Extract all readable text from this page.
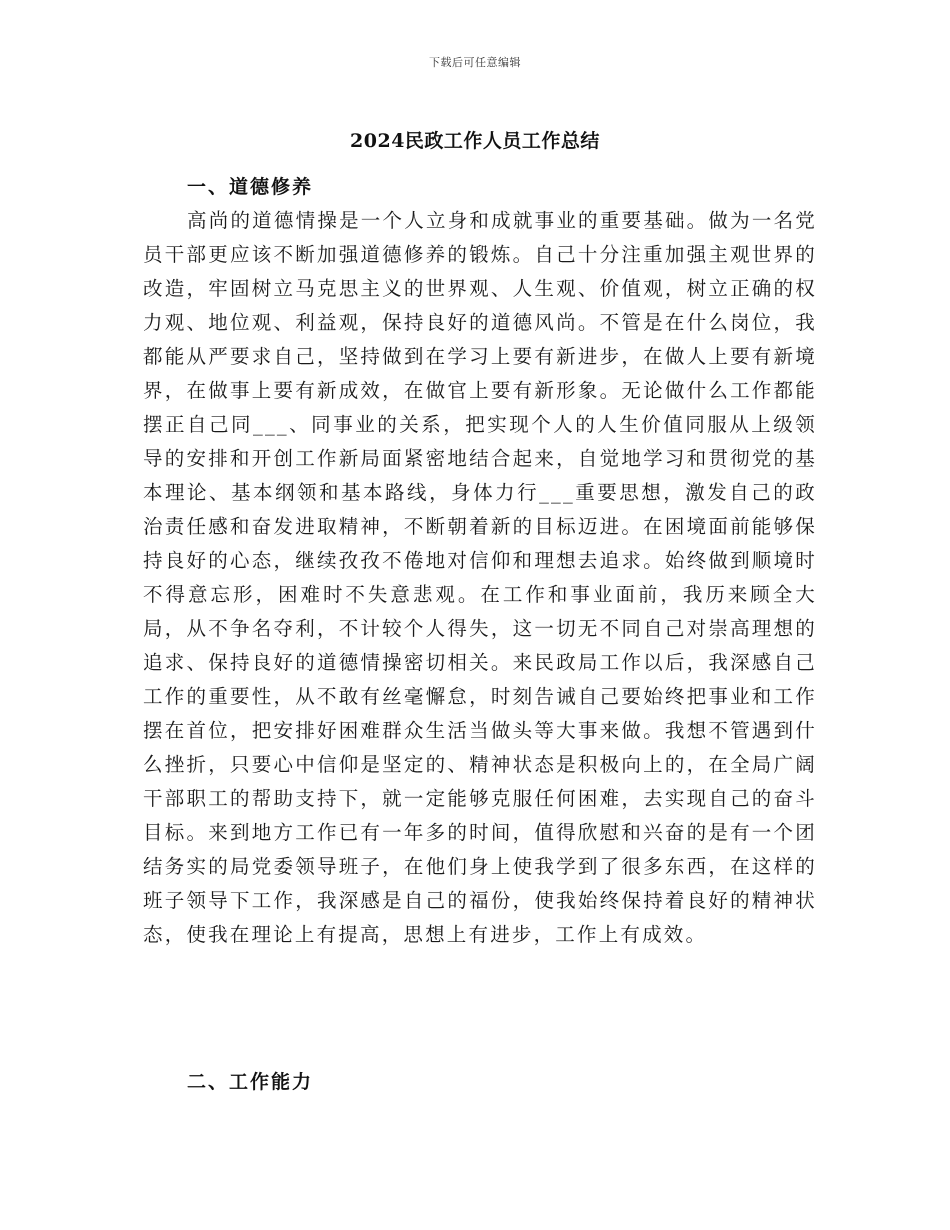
下载后可任意编辑
2024民政工作人员工作总结
一、道德修养

高尚的道德情操是一个人立身和成就事业的重要基础。做为一名党员干部更应该不断加强道德修养的锻炼。自己十分注重加强主观世界的改造，牢固树立马克思主义的世界观、人生观、价值观，树立正确的权力观、地位观、利益观，保持良好的道德风尚。不管是在什么岗位，我都能从严要求自己，坚持做到在学习上要有新进步，在做人上要有新境界，在做事上要有新成效，在做官上要有新形象。无论做什么工作都能摆正自己同___、同事业的关系，把实现个人的人生价值同服从上级领导的安排和开创工作新局面紧密地结合起来，自觉地学习和贯彻党的基本理论、基本纲领和基本路线，身体力行___重要思想，激发自己的政治责任感和奋发进取精神，不断朝着新的目标迈进。在困境面前能够保持良好的心态，继续孜孜不倦地对信仰和理想去追求。始终做到顺境时不得意忘形，困难时不失意悲观。在工作和事业面前，我历来顾全大局，从不争名夺利，不计较个人得失，这一切无不同自己对崇高理想的追求、保持良好的道德情操密切相关。来民政局工作以后，我深感自己工作的重要性，从不敢有丝毫懈怠，时刻告诫自己要始终把事业和工作摆在首位，把安排好困难群众生活当做头等大事来做。我想不管遇到什么挫折，只要心中信仰是坚定的、精神状态是积极向上的，在全局广阔干部职工的帮助支持下，就一定能够克服任何困难，去实现自己的奋斗目标。来到地方工作已有一年多的时间，值得欣慰和兴奋的是有一个团结务实的局党委领导班子，在他们身上使我学到了很多东西，在这样的班子领导下工作，我深感是自己的福份，使我始终保持着良好的精神状态，使我在理论上有提高，思想上有进步，工作上有成效。

二、工作能力
